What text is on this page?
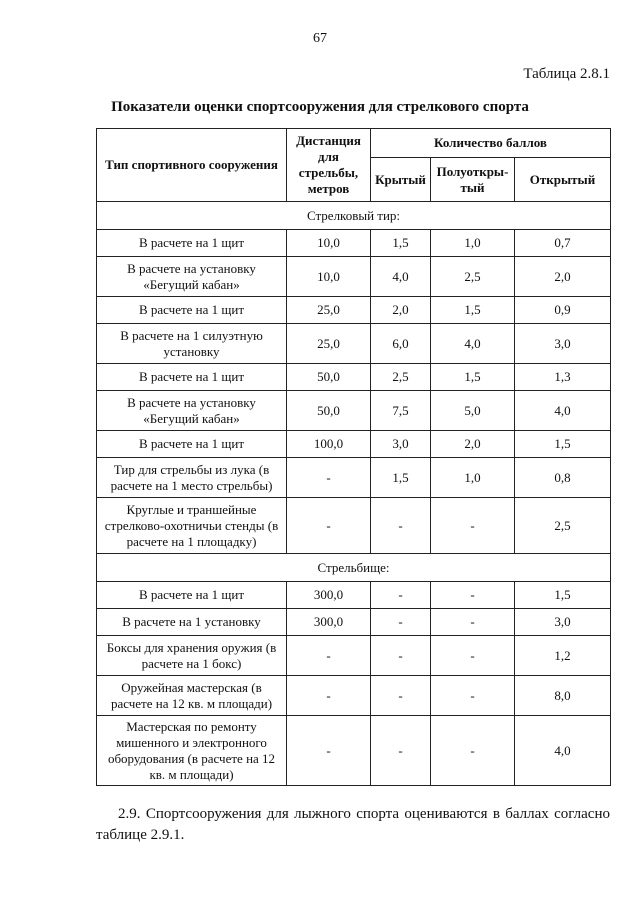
67
Таблица 2.8.1
Показатели оценки спортсооружения для стрелкового спорта
Тип спортивного сооружения	Дистанция для стрельбы, метров	Количество баллов		
		Крытый	Полуоткры-тый	Открытый
Стрелковый тир:				
В расчете на 1 щит	10,0	1,5	1,0	0,7
В расчете на установку «Бегущий кабан»	10,0	4,0	2,5	2,0
В расчете на 1 щит	25,0	2,0	1,5	0,9
В расчете на 1 силуэтную установку	25,0	6,0	4,0	3,0
В расчете на 1 щит	50,0	2,5	1,5	1,3
В расчете на установку «Бегущий кабан»	50,0	7,5	5,0	4,0
В расчете на 1 щит	100,0	3,0	2,0	1,5
Тир для стрельбы из лука (в расчете на 1 место стрельбы)	-	1,5	1,0	0,8
Круглые и траншейные стрелково-охотничьи стенды (в расчете на 1 площадку)	-	-	-	2,5
Стрельбище:				
В расчете на 1 щит	300,0	-	-	1,5
В расчете на 1 установку	300,0	-	-	3,0
Боксы для хранения оружия (в расчете на 1 бокс)	-	-	-	1,2
Оружейная мастерская (в расчете на 12 кв. м площади)	-	-	-	8,0
Мастерская по ремонту мишенного и электронного оборудования (в расчете на 12 кв. м площади)	-	-	-	4,0
2.9. Спортсооружения для лыжного спорта оцениваются в баллах согласно таблице 2.9.1.
